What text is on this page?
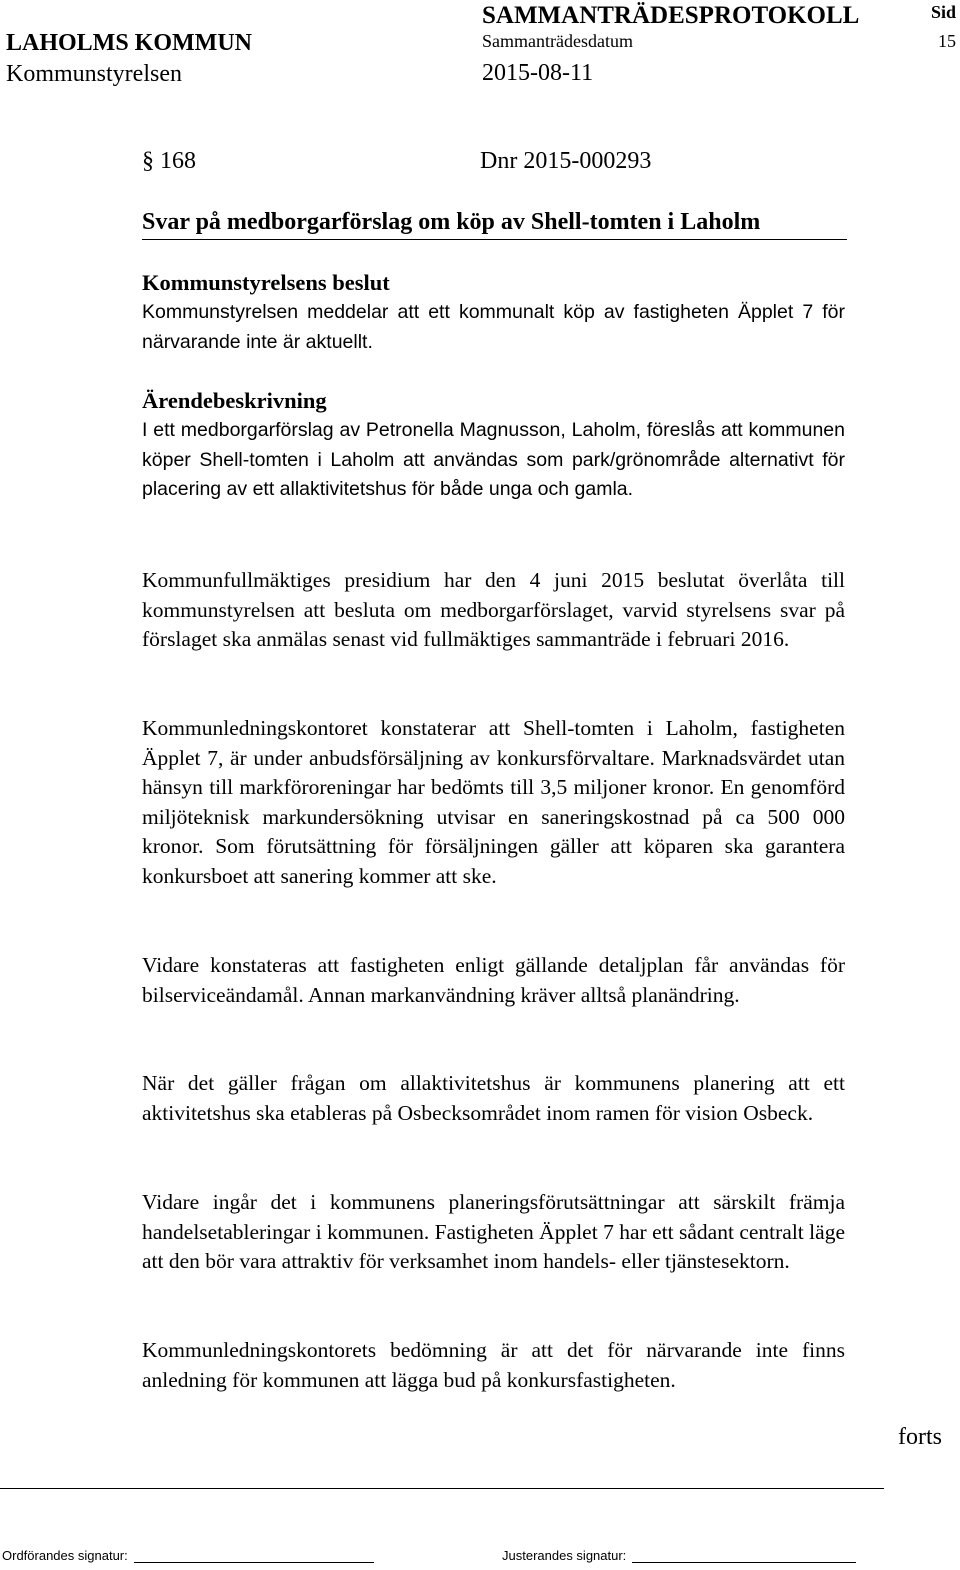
LAHOLMS KOMMUN
Kommunstyrelsen
SAMMANTRÄDESPROTOKOLL
Sammanträdesdatum
2015-08-11
Sid
15
§ 168	Dnr 2015-000293
Svar på medborgarförslag om köp av Shell-tomten i Laholm
Kommunstyrelsens beslut

Kommunstyrelsen meddelar att ett kommunalt köp av fastigheten Äpplet 7 för närvarande inte är aktuellt.

Ärendebeskrivning

I ett medborgarförslag av Petronella Magnusson, Laholm, föreslås att kommunen köper Shell-tomten i Laholm att användas som park/grönområde alternativt för placering av ett allaktivitetshus för både unga och gamla.

Kommunfullmäktiges presidium har den 4 juni 2015 beslutat överlåta till kommunstyrelsen att besluta om medborgarförslaget, varvid styrelsens svar på förslaget ska anmälas senast vid fullmäktiges sammanträde i februari 2016.

Kommunledningskontoret konstaterar att Shell-tomten i Laholm, fastigheten Äpplet 7, är under anbudsförsäljning av konkursförvaltare. Marknadsvärdet utan hänsyn till markföroreningar har bedömts till 3,5 miljoner kronor. En genomförd miljöteknisk markundersökning utvisar en saneringskostnad på ca 500 000 kronor. Som förutsättning för försäljningen gäller att köparen ska garantera konkursboet att sanering kommer att ske.

Vidare konstateras att fastigheten enligt gällande detaljplan får användas för bilserviceändamål. Annan markanvändning kräver alltså planändring.

När det gäller frågan om allaktivitetshus är kommunens planering att ett aktivitetshus ska etableras på Osbecksområdet inom ramen för vision Osbeck.

Vidare ingår det i kommunens planeringsförutsättningar att särskilt främja handelsetableringar i kommunen. Fastigheten Äpplet 7 har ett sådant centralt läge att den bör vara attraktiv för verksamhet inom handels- eller tjänstesektorn.

Kommunledningskontorets bedömning är att det för närvarande inte finns anledning för kommunen att lägga bud på konkursfastigheten.

forts
Ordförandes signatur:	Justerandes signatur:
